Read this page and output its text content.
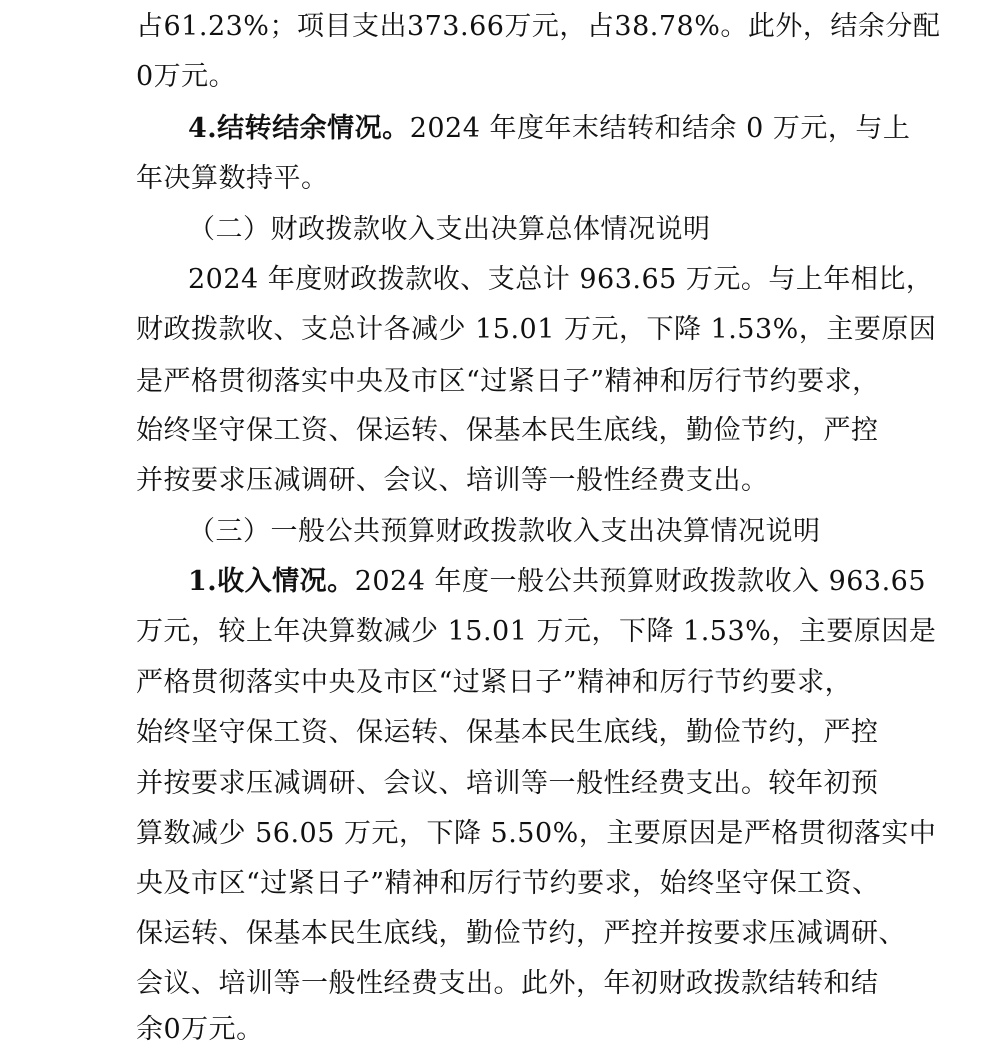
占61.23%；项目支出373.66万元，占38.78%。此外，结余分配
0万元。
4.结转结余情况。2024 年度年末结转和结余 0 万元，与上
年决算数持平。
（二）财政拨款收入支出决算总体情况说明
2024 年度财政拨款收、支总计 963.65 万元。与上年相比，
财政拨款收、支总计各减少 15.01 万元，下降 1.53%，主要原因
是严格贯彻落实中央及市区“过紧日子”精神和厉行节约要求，
始终坚守保工资、保运转、保基本民生底线，勤俭节约，严控
并按要求压减调研、会议、培训等一般性经费支出。
（三）一般公共预算财政拨款收入支出决算情况说明
1.收入情况。2024 年度一般公共预算财政拨款收入 963.65
万元，较上年决算数减少 15.01 万元，下降 1.53%，主要原因是
严格贯彻落实中央及市区“过紧日子”精神和厉行节约要求，
始终坚守保工资、保运转、保基本民生底线，勤俭节约，严控
并按要求压减调研、会议、培训等一般性经费支出。较年初预
算数减少 56.05 万元，下降 5.50%，主要原因是严格贯彻落实中
央及市区“过紧日子”精神和厉行节约要求，始终坚守保工资、
保运转、保基本民生底线，勤俭节约，严控并按要求压减调研、
会议、培训等一般性经费支出。此外，年初财政拨款结转和结
余0万元。
